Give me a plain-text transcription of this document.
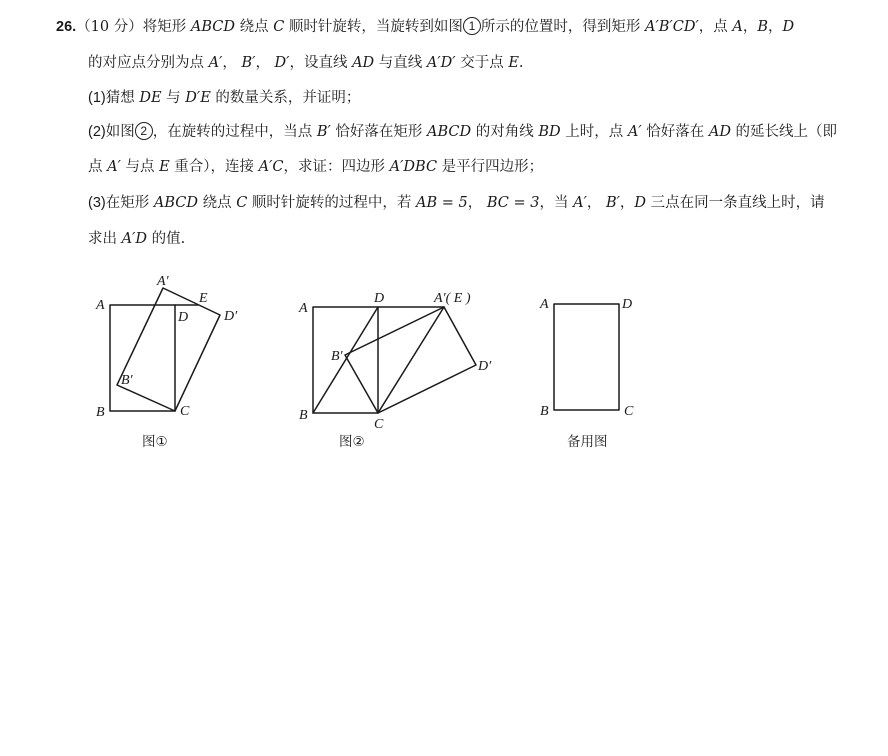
26.（10 分）将矩形 ABCD 绕点 C 顺时针旋转，当旋转到如图 1 所示的位置时，得到矩形 A′B′CD′，点 A，B，D
的对应点分别为点 A′， B′， D′，设直线 AD 与直线 A′D′ 交于点 E.
(1)猜想 DE 与 D′E 的数量关系，并证明；
(2)如图 2 ，在旋转的过程中，当点 B′ 恰好落在矩形 ABCD 的对角线 BD 上时，点 A′ 恰好落在 AD 的延长线上（即
点 A′ 与点 E 重合），连接 A′C，求证：四边形 A′DBC 是平行四边形；
(3)在矩形 ABCD 绕点 C 顺时针旋转的过程中，若 AB = 5， BC = 3，当 A′， B′，D 三点在同一条直线上时，请
求出 A′D 的值.
A
A′
E
D	D′
B′
B	C
图①
A
D	A′( E )
B′
D′
B
C
图②
A	D
B	C
备用图
